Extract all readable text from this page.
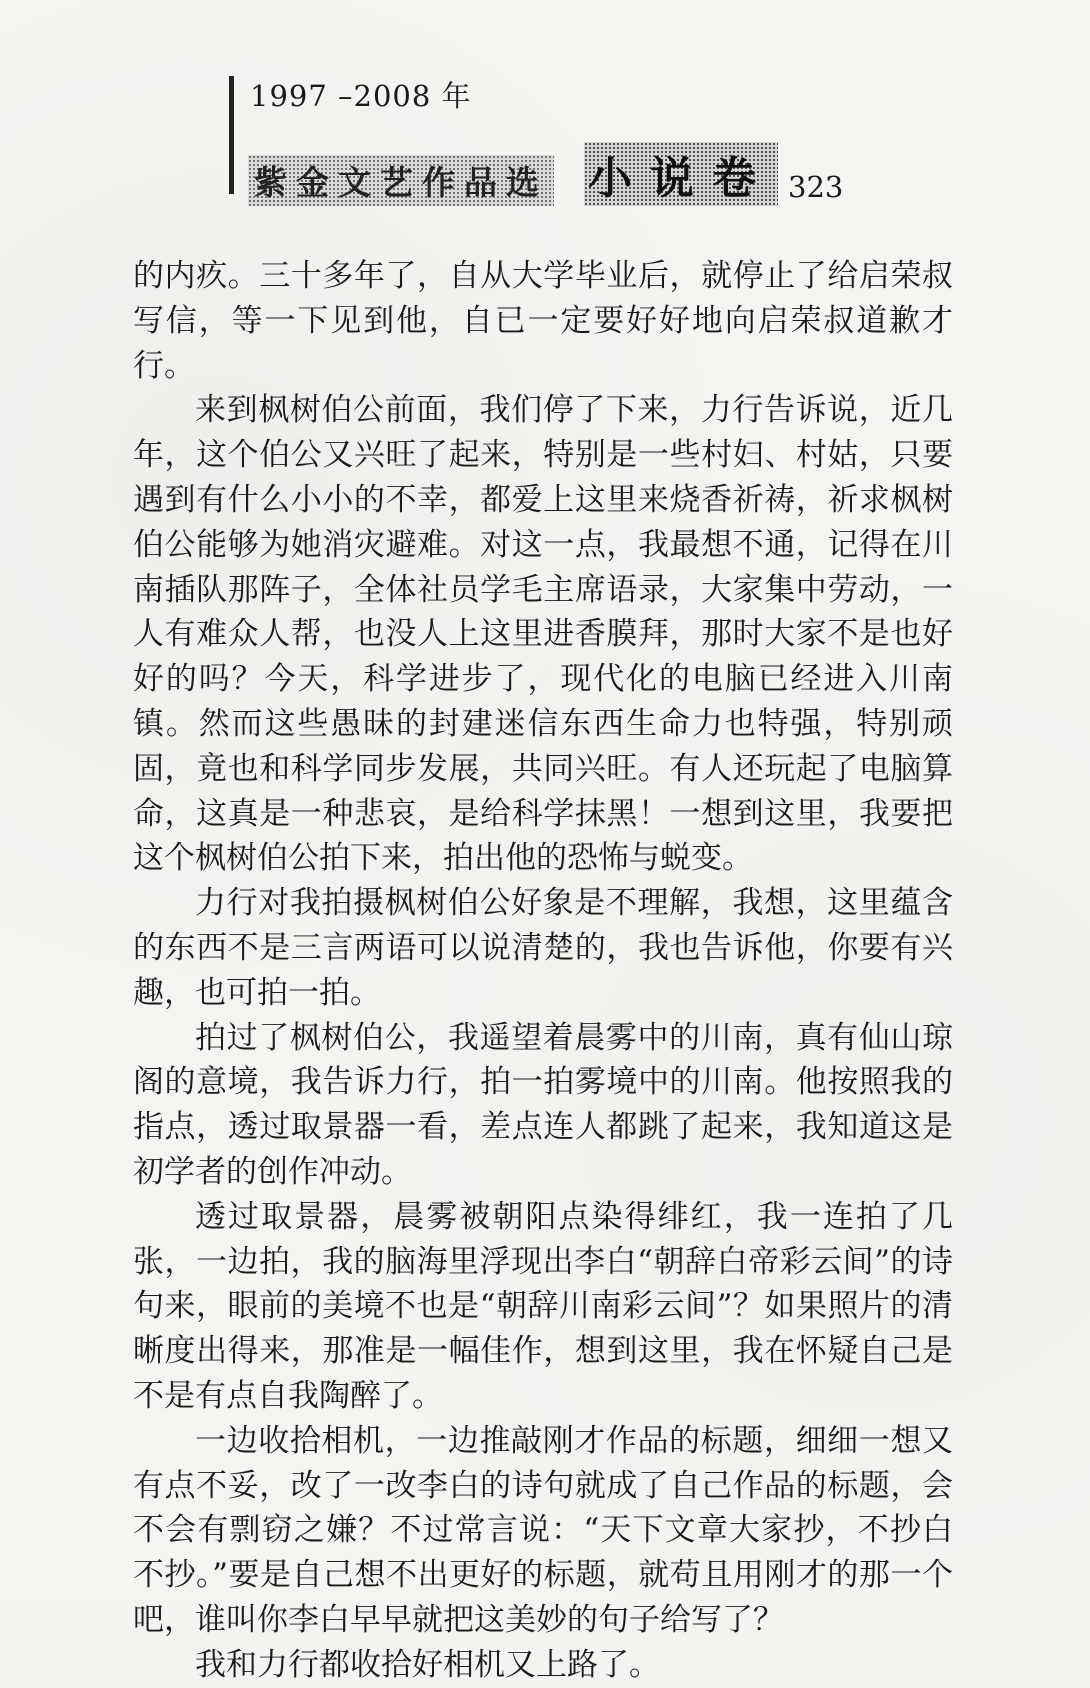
1997 –2008 年
紫金文艺作品选 小说卷 323

的内疚。三十多年了，自从大学毕业后，就停止了给启荣叔写信，等一下见到他，自已一定要好好地向启荣叔道歉才行。

来到枫树伯公前面，我们停了下来，力行告诉说，近几年，这个伯公又兴旺了起来，特别是一些村妇、村姑，只要遇到有什么小小的不幸，都爱上这里来烧香祈祷，祈求枫树伯公能够为她消灾避难。对这一点，我最想不通，记得在川南插队那阵子，全体社员学毛主席语录，大家集中劳动，一人有难众人帮，也没人上这里进香膜拜，那时大家不是也好好的吗？今天，科学进步了，现代化的电脑已经进入川南镇。然而这些愚昧的封建迷信东西生命力也特强，特别顽固，竟也和科学同步发展，共同兴旺。有人还玩起了电脑算命，这真是一种悲哀，是给科学抹黑！一想到这里，我要把这个枫树伯公拍下来，拍出他的恐怖与蜕变。

力行对我拍摄枫树伯公好象是不理解，我想，这里蕴含的东西不是三言两语可以说清楚的，我也告诉他，你要有兴趣，也可拍一拍。

拍过了枫树伯公，我遥望着晨雾中的川南，真有仙山琼阁的意境，我告诉力行，拍一拍雾境中的川南。他按照我的指点，透过取景器一看，差点连人都跳了起来，我知道这是初学者的创作冲动。

透过取景器，晨雾被朝阳点染得绯红，我一连拍了几张，一边拍，我的脑海里浮现出李白“朝辞白帝彩云间”的诗句来，眼前的美境不也是“朝辞川南彩云间”？如果照片的清晰度出得来，那准是一幅佳作，想到这里，我在怀疑自己是不是有点自我陶醉了。

一边收拾相机，一边推敲刚才作品的标题，细细一想又有点不妥，改了一改李白的诗句就成了自己作品的标题，会不会有剽窃之嫌？不过常言说：“天下文章大家抄，不抄白不抄。”要是自己想不出更好的标题，就苟且用刚才的那一个吧，谁叫你李白早早就把这美妙的句子给写了？

我和力行都收拾好相机又上路了。
